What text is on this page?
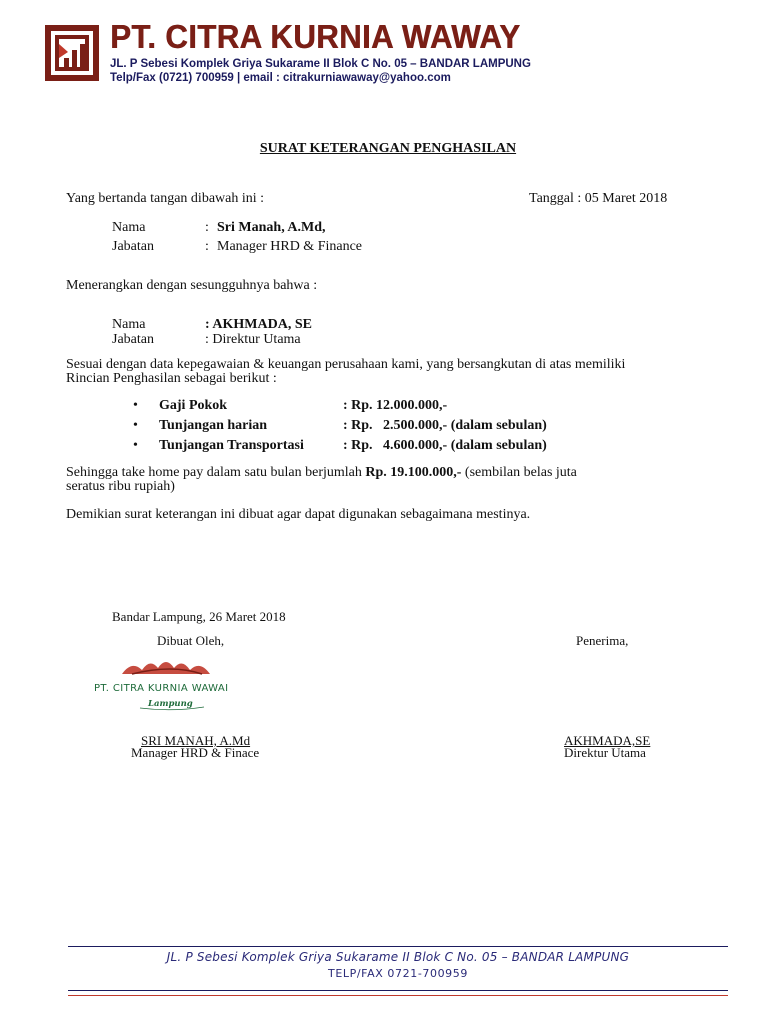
PT. CITRA KURNIA WAWAY
JL. P Sebesi Komplek Griya Sukarame II Blok C No. 05 – BANDAR LAMPUNG
Telp/Fax (0721) 700959 | email : citrakurniawaway@yahoo.com
SURAT KETERANGAN PENGHASILAN
Yang bertanda tangan dibawah ini :	Tanggal : 05 Maret 2018
Nama	: Sri Manah, A.Md,
Jabatan	: Manager HRD & Finance
Menerangkan dengan sesungguhnya bahwa :
Nama	: AKHMADA, SE
Jabatan	: Direktur Utama
Sesuai dengan data kepegawaian & keuangan perusahaan kami, yang bersangkutan di atas memiliki
Rincian Penghasilan sebagai berikut :
• Gaji Pokok	: Rp. 12.000.000,-
• Tunjangan harian	: Rp.   2.500.000,- (dalam sebulan)
• Tunjangan Transportasi	: Rp.   4.600.000,- (dalam sebulan)
Sehingga take home pay dalam satu bulan berjumlah Rp. 19.100.000,- (sembilan belas juta
seratus ribu rupiah)
Demikian surat keterangan ini dibuat agar dapat digunakan sebagaimana mestinya.
Bandar Lampung, 26 Maret 2018
Dibuat Oleh,	Penerima,
PT. CITRA KURNIA WAWAI
Lampung
SRI MANAH, A.Md
Manager HRD & Finace
AKHMADA,SE
Direktur Utama
JL. P Sebesi Komplek Griya Sukarame II Blok C No. 05 – BANDAR LAMPUNG
TELP/FAX 0721-700959
